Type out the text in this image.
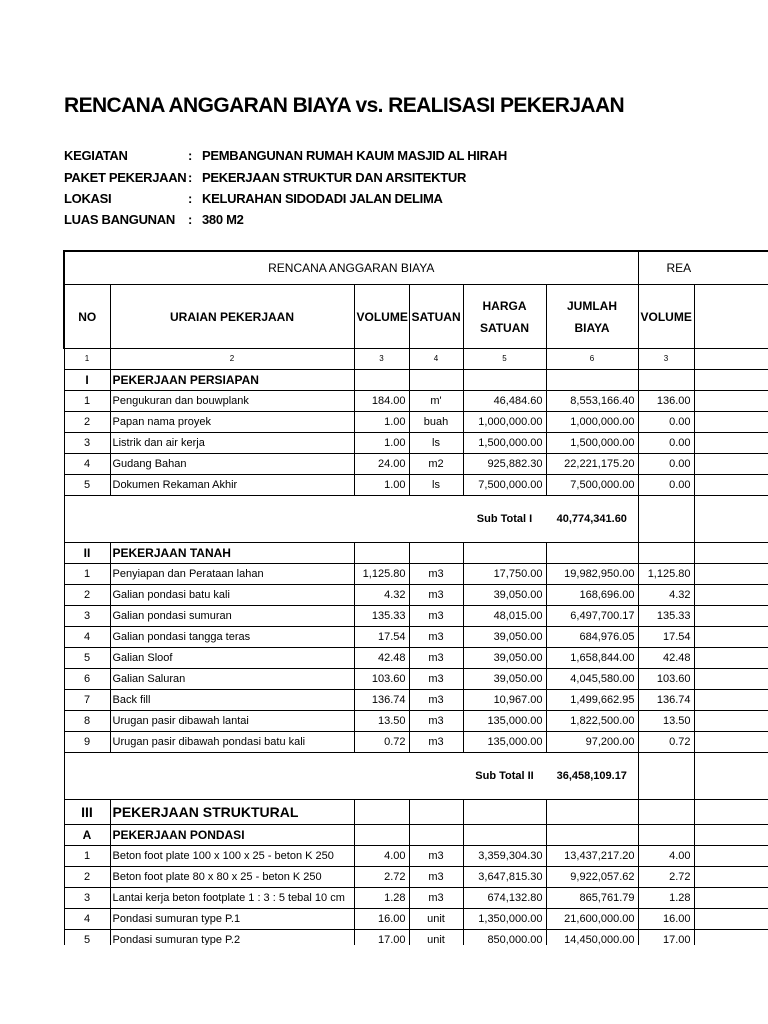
RENCANA ANGGARAN BIAYA vs. REALISASI PEKERJAAN
KEGIATAN	: PEMBANGUNAN RUMAH KAUM MASJID AL HIRAH
PAKET PEKERJAAN : PEKERJAAN STRUKTUR DAN ARSITEKTUR
LOKASI	: KELURAHAN SIDODADI JALAN DELIMA
LUAS BANGUNAN : 380 M2
RENCANA ANGGARAN BIAYA						REA	
NO	URAIAN PEKERJAAN	VOLUME	SATUAN	HARGA SATUAN	JUMLAH BIAYA	VOLUME	
1	2	3	4	5	6	3	
I	PEKERJAAN PERSIAPAN						
1	Pengukuran dan bouwplank	184.00	m'	46,484.60	8,553,166.40	136.00	
2	Papan nama proyek	1.00	buah	1,000,000.00	1,000,000.00	0.00	
3	Listrik dan air kerja	1.00	ls	1,500,000.00	1,500,000.00	0.00	
4	Gudang Bahan	24.00	m2	925,882.30	22,221,175.20	0.00	
5	Dokumen Rekaman Akhir	1.00	ls	7,500,000.00	7,500,000.00	0.00	
				Sub Total I	40,774,341.60		
II	PEKERJAAN TANAH						
1	Penyiapan dan Perataan lahan	1,125.80	m3	17,750.00	19,982,950.00	1,125.80	
2	Galian pondasi batu kali	4.32	m3	39,050.00	168,696.00	4.32	
3	Galian pondasi sumuran	135.33	m3	48,015.00	6,497,700.17	135.33	
4	Galian pondasi tangga teras	17.54	m3	39,050.00	684,976.05	17.54	
5	Galian Sloof	42.48	m3	39,050.00	1,658,844.00	42.48	
6	Galian Saluran	103.60	m3	39,050.00	4,045,580.00	103.60	
7	Back fill	136.74	m3	10,967.00	1,499,662.95	136.74	
8	Urugan pasir dibawah lantai	13.50	m3	135,000.00	1,822,500.00	13.50	
9	Urugan pasir dibawah pondasi batu kali	0.72	m3	135,000.00	97,200.00	0.72	
				Sub Total II	36,458,109.17		
III	PEKERJAAN STRUKTURAL						
A	PEKERJAAN PONDASI						
1	Beton foot plate 100 x 100 x 25 - beton K 250	4.00	m3	3,359,304.30	13,437,217.20	4.00	
2	Beton foot plate 80 x 80 x 25 - beton K 250	2.72	m3	3,647,815.30	9,922,057.62	2.72	
3	Lantai kerja beton footplate 1 : 3 : 5 tebal 10 cm	1.28	m3	674,132.80	865,761.79	1.28	
4	Pondasi sumuran type P.1	16.00	unit	1,350,000.00	21,600,000.00	16.00	
5	Pondasi sumuran type P.2	17.00	unit	850,000.00	14,450,000.00	17.00	
